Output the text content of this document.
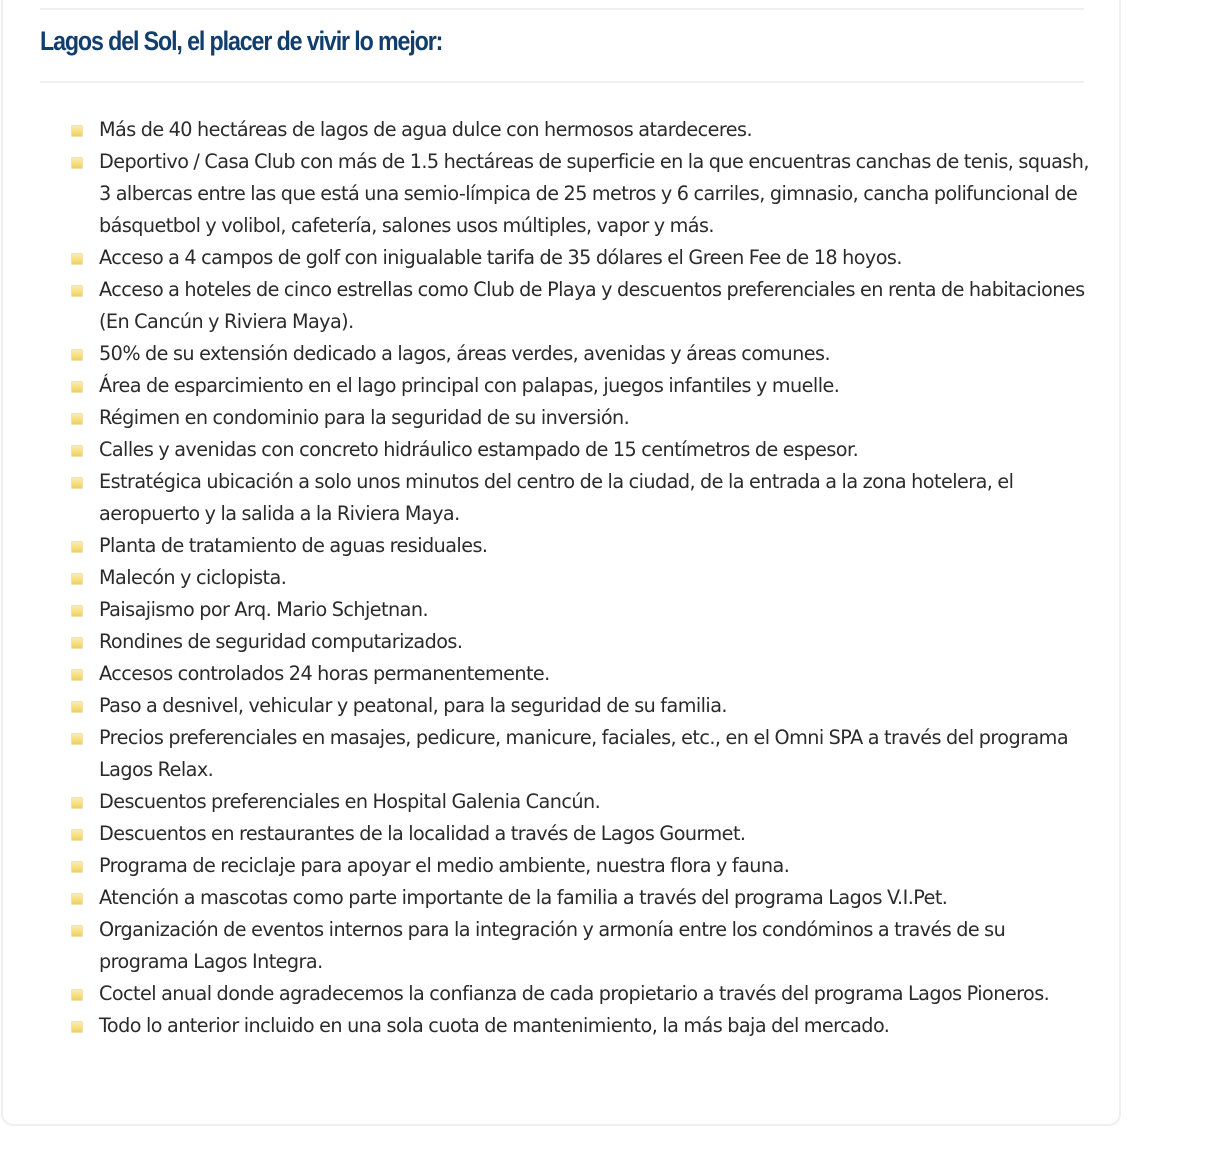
Lagos del Sol, el placer de vivir lo mejor:
Más de 40 hectáreas de lagos de agua dulce con hermosos atardeceres.
Deportivo / Casa Club con más de 1.5 hectáreas de superficie en la que encuentras canchas de tenis, squash, 3 albercas entre las que está una semio-límpica de 25 metros y 6 carriles, gimnasio, cancha polifuncional de básquetbol y volibol, cafetería, salones usos múltiples, vapor y más.
Acceso a 4 campos de golf con inigualable tarifa de 35 dólares el Green Fee de 18 hoyos.
Acceso a hoteles de cinco estrellas como Club de Playa y descuentos preferenciales en renta de habitaciones (En Cancún y Riviera Maya).
50% de su extensión dedicado a lagos, áreas verdes, avenidas y áreas comunes.
Área de esparcimiento en el lago principal con palapas, juegos infantiles y muelle.
Régimen en condominio para la seguridad de su inversión.
Calles y avenidas con concreto hidráulico estampado de 15 centímetros de espesor.
Estratégica ubicación a solo unos minutos del centro de la ciudad, de la entrada a la zona hotelera, el aeropuerto y la salida a la Riviera Maya.
Planta de tratamiento de aguas residuales.
Malecón y ciclopista.
Paisajismo por Arq. Mario Schjetnan.
Rondines de seguridad computarizados.
Accesos controlados 24 horas permanentemente.
Paso a desnivel, vehicular y peatonal, para la seguridad de su familia.
Precios preferenciales en masajes, pedicure, manicure, faciales, etc., en el Omni SPA a través del programa Lagos Relax.
Descuentos preferenciales en Hospital Galenia Cancún.
Descuentos en restaurantes de la localidad a través de Lagos Gourmet.
Programa de reciclaje para apoyar el medio ambiente, nuestra flora y fauna.
Atención a mascotas como parte importante de la familia a través del programa Lagos V.I.Pet.
Organización de eventos internos para la integración y armonía entre los condóminos a través de su programa Lagos Integra.
Coctel anual donde agradecemos la confianza de cada propietario a través del programa Lagos Pioneros.
Todo lo anterior incluido en una sola cuota de mantenimiento, la más baja del mercado.
